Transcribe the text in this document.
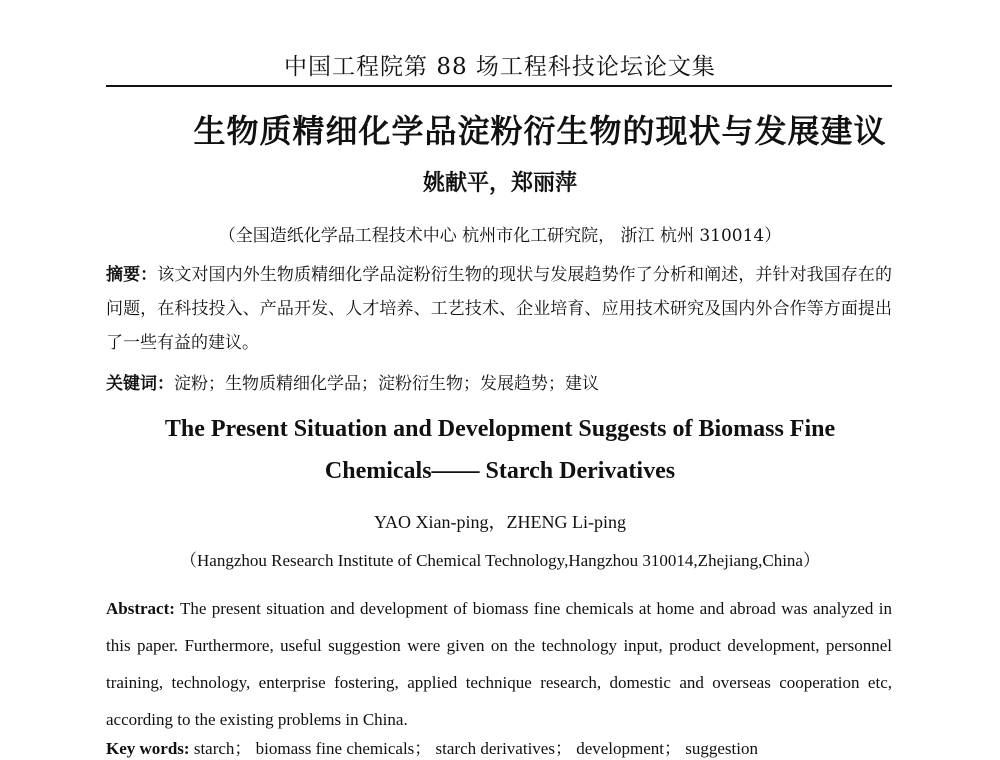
中国工程院第 88 场工程科技论坛论文集
生物质精细化学品淀粉衍生物的现状与发展建议
姚献平，郑丽萍
（全国造纸化学品工程技术中心 杭州市化工研究院， 浙江 杭州 310014）
摘要：该文对国内外生物质精细化学品淀粉衍生物的现状与发展趋势作了分析和阐述，并针对我国存在的问题，在科技投入、产品开发、人才培养、工艺技术、企业培育、应用技术研究及国内外合作等方面提出了一些有益的建议。
关键词：淀粉；生物质精细化学品；淀粉衍生物；发展趋势；建议
The Present Situation and Development Suggests of Biomass Fine
Chemicals—— Starch Derivatives
YAO Xian-ping，ZHENG Li-ping
（Hangzhou Research Institute of Chemical Technology,Hangzhou 310014,Zhejiang,China）
Abstract: The present situation and development of biomass fine chemicals at home and abroad was analyzed in this paper. Furthermore, useful suggestion were given on the technology input, product development, personnel training, technology, enterprise fostering, applied technique research, domestic and overseas cooperation etc, according to the existing problems in China.
Key words: starch； biomass fine chemicals； starch derivatives； development； suggestion
